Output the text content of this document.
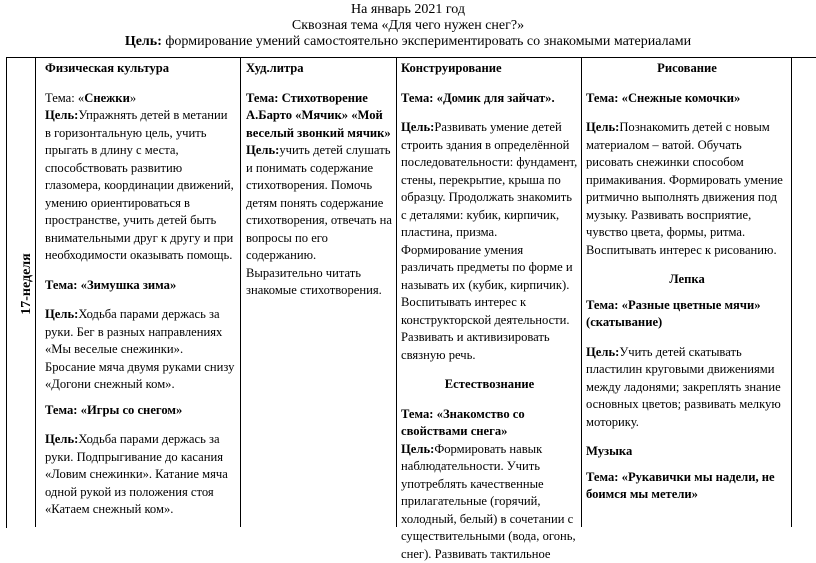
На январь 2021 год
Сквозная тема «Для чего нужен снег?»
Цель: формирование умений самостоятельно экспериментировать со знакомыми материалами
17-неделя

Физическая культура

Тема: «Снежки»

Цель:Упражнять детей в метании в горизонтальную цель, учить прыгать в длину с места, способствовать развитию глазомера, координации движений, умению ориентироваться в пространстве, учить детей быть внимательными друг к другу и при необходимости оказывать помощь.

Тема: «Зимушка зима»

Цель:Ходьба парами держась за руки. Бег в разных направлениях «Мы веселые снежинки». Бросание мяча двумя руками снизу «Догони снежный ком».

Тема: «Игры со снегом»

Цель:Ходьба парами держась за руки. Подпрыгивание до касания «Ловим снежинки». Катание мяча одной рукой из положения стоя «Катаем снежный ком».

Худ.литра

Тема: Стихотворение А.Барто «Мячик» «Мой веселый звонкий мячик»

Цель:учить детей слушать и понимать содержание стихотворения. Помочь детям понять содержание стихотворения, отвечать на вопросы по его содержанию. Выразительно читать знакомые стихотворения.

Конструирование

Тема: «Домик для зайчат».

Цель:Развивать умение детей строить здания в определённой последовательности: фундамент, стены, перекрытие, крыша по образцу. Продолжать знакомить с деталями: кубик, кирпичик, пластина, призма. Формирование умения различать предметы по форме и называть их (кубик, кирпичик). Воспитывать интерес к конструкторской деятельности. Развивать и активизировать связную речь.

Естествознание

Тема: «Знакомство со свойствами снега»

Цель:Формировать навык наблюдательности. Учить употреблять качественные прилагательные (горячий, холодный, белый) в сочетании с существительными (вода, огонь, снег). Развивать тактильное

Рисование

Тема: «Снежные комочки»

Цель:Познакомить детей с новым материалом – ватой. Обучать рисовать снежинки способом примакивания. Формировать умение ритмично выполнять движения под музыку. Развивать восприятие, чувство цвета, формы, ритма. Воспитывать интерес к рисованию.

Лепка

Тема: «Разные цветные мячи» (скатывание)

Цель:Учить детей скатывать пластилин круговыми движениями между ладонями; закреплять знание основных цветов; развивать мелкую моторику.

Музыка

Тема: «Рукавички мы надели, не боимся мы метели»
